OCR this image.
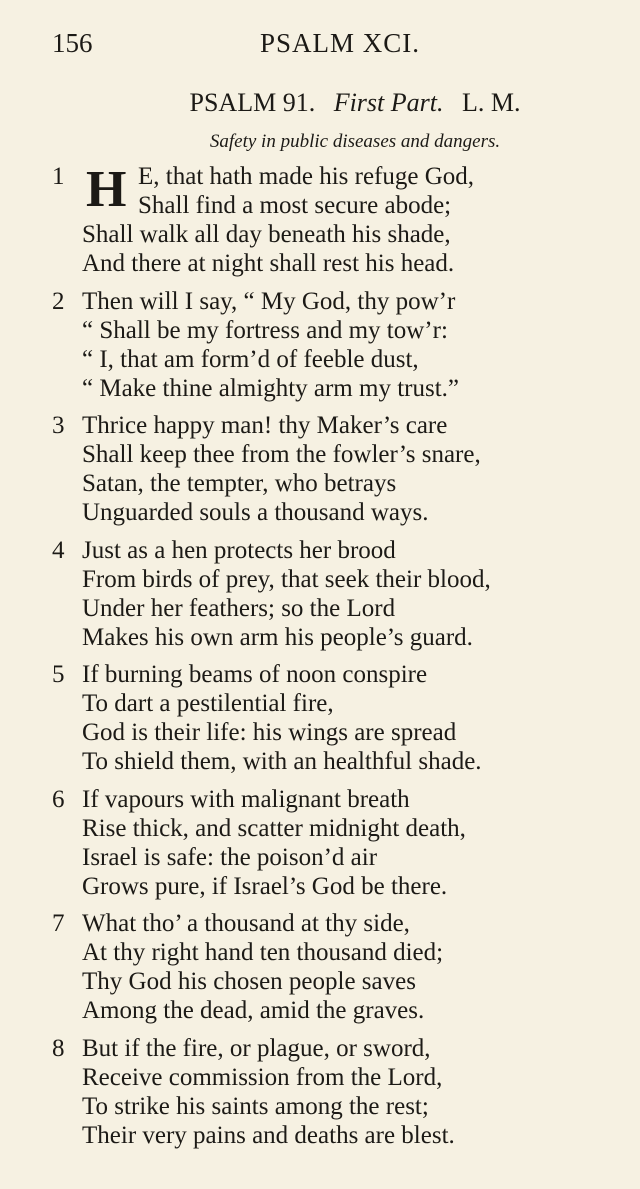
156	PSALM XCI.
PSALM 91. First Part. L. M.
Safety in public diseases and dangers.
1 H E, that hath made his refuge God,
Shall find a most secure abode;
Shall walk all day beneath his shade,
And there at night shall rest his head.
2 Then will I say, “ My God, thy pow’r
“ Shall be my fortress and my tow’r:
“ I, that am form’d of feeble dust,
“ Make thine almighty arm my trust.”
3 Thrice happy man! thy Maker’s care
Shall keep thee from the fowler’s snare,
Satan, the tempter, who betrays
Unguarded souls a thousand ways.
4 Just as a hen protects her brood
From birds of prey, that seek their blood,
Under her feathers; so the Lord
Makes his own arm his people’s guard.
5 If burning beams of noon conspire
To dart a pestilential fire,
God is their life: his wings are spread
To shield them, with an healthful shade.
6 If vapours with malignant breath
Rise thick, and scatter midnight death,
Israel is safe: the poison’d air
Grows pure, if Israel’s God be there.
7 What tho’ a thousand at thy side,
At thy right hand ten thousand died;
Thy God his chosen people saves
Among the dead, amid the graves.
8 But if the fire, or plague, or sword,
Receive commission from the Lord,
To strike his saints among the rest;
Their very pains and deaths are blest.
